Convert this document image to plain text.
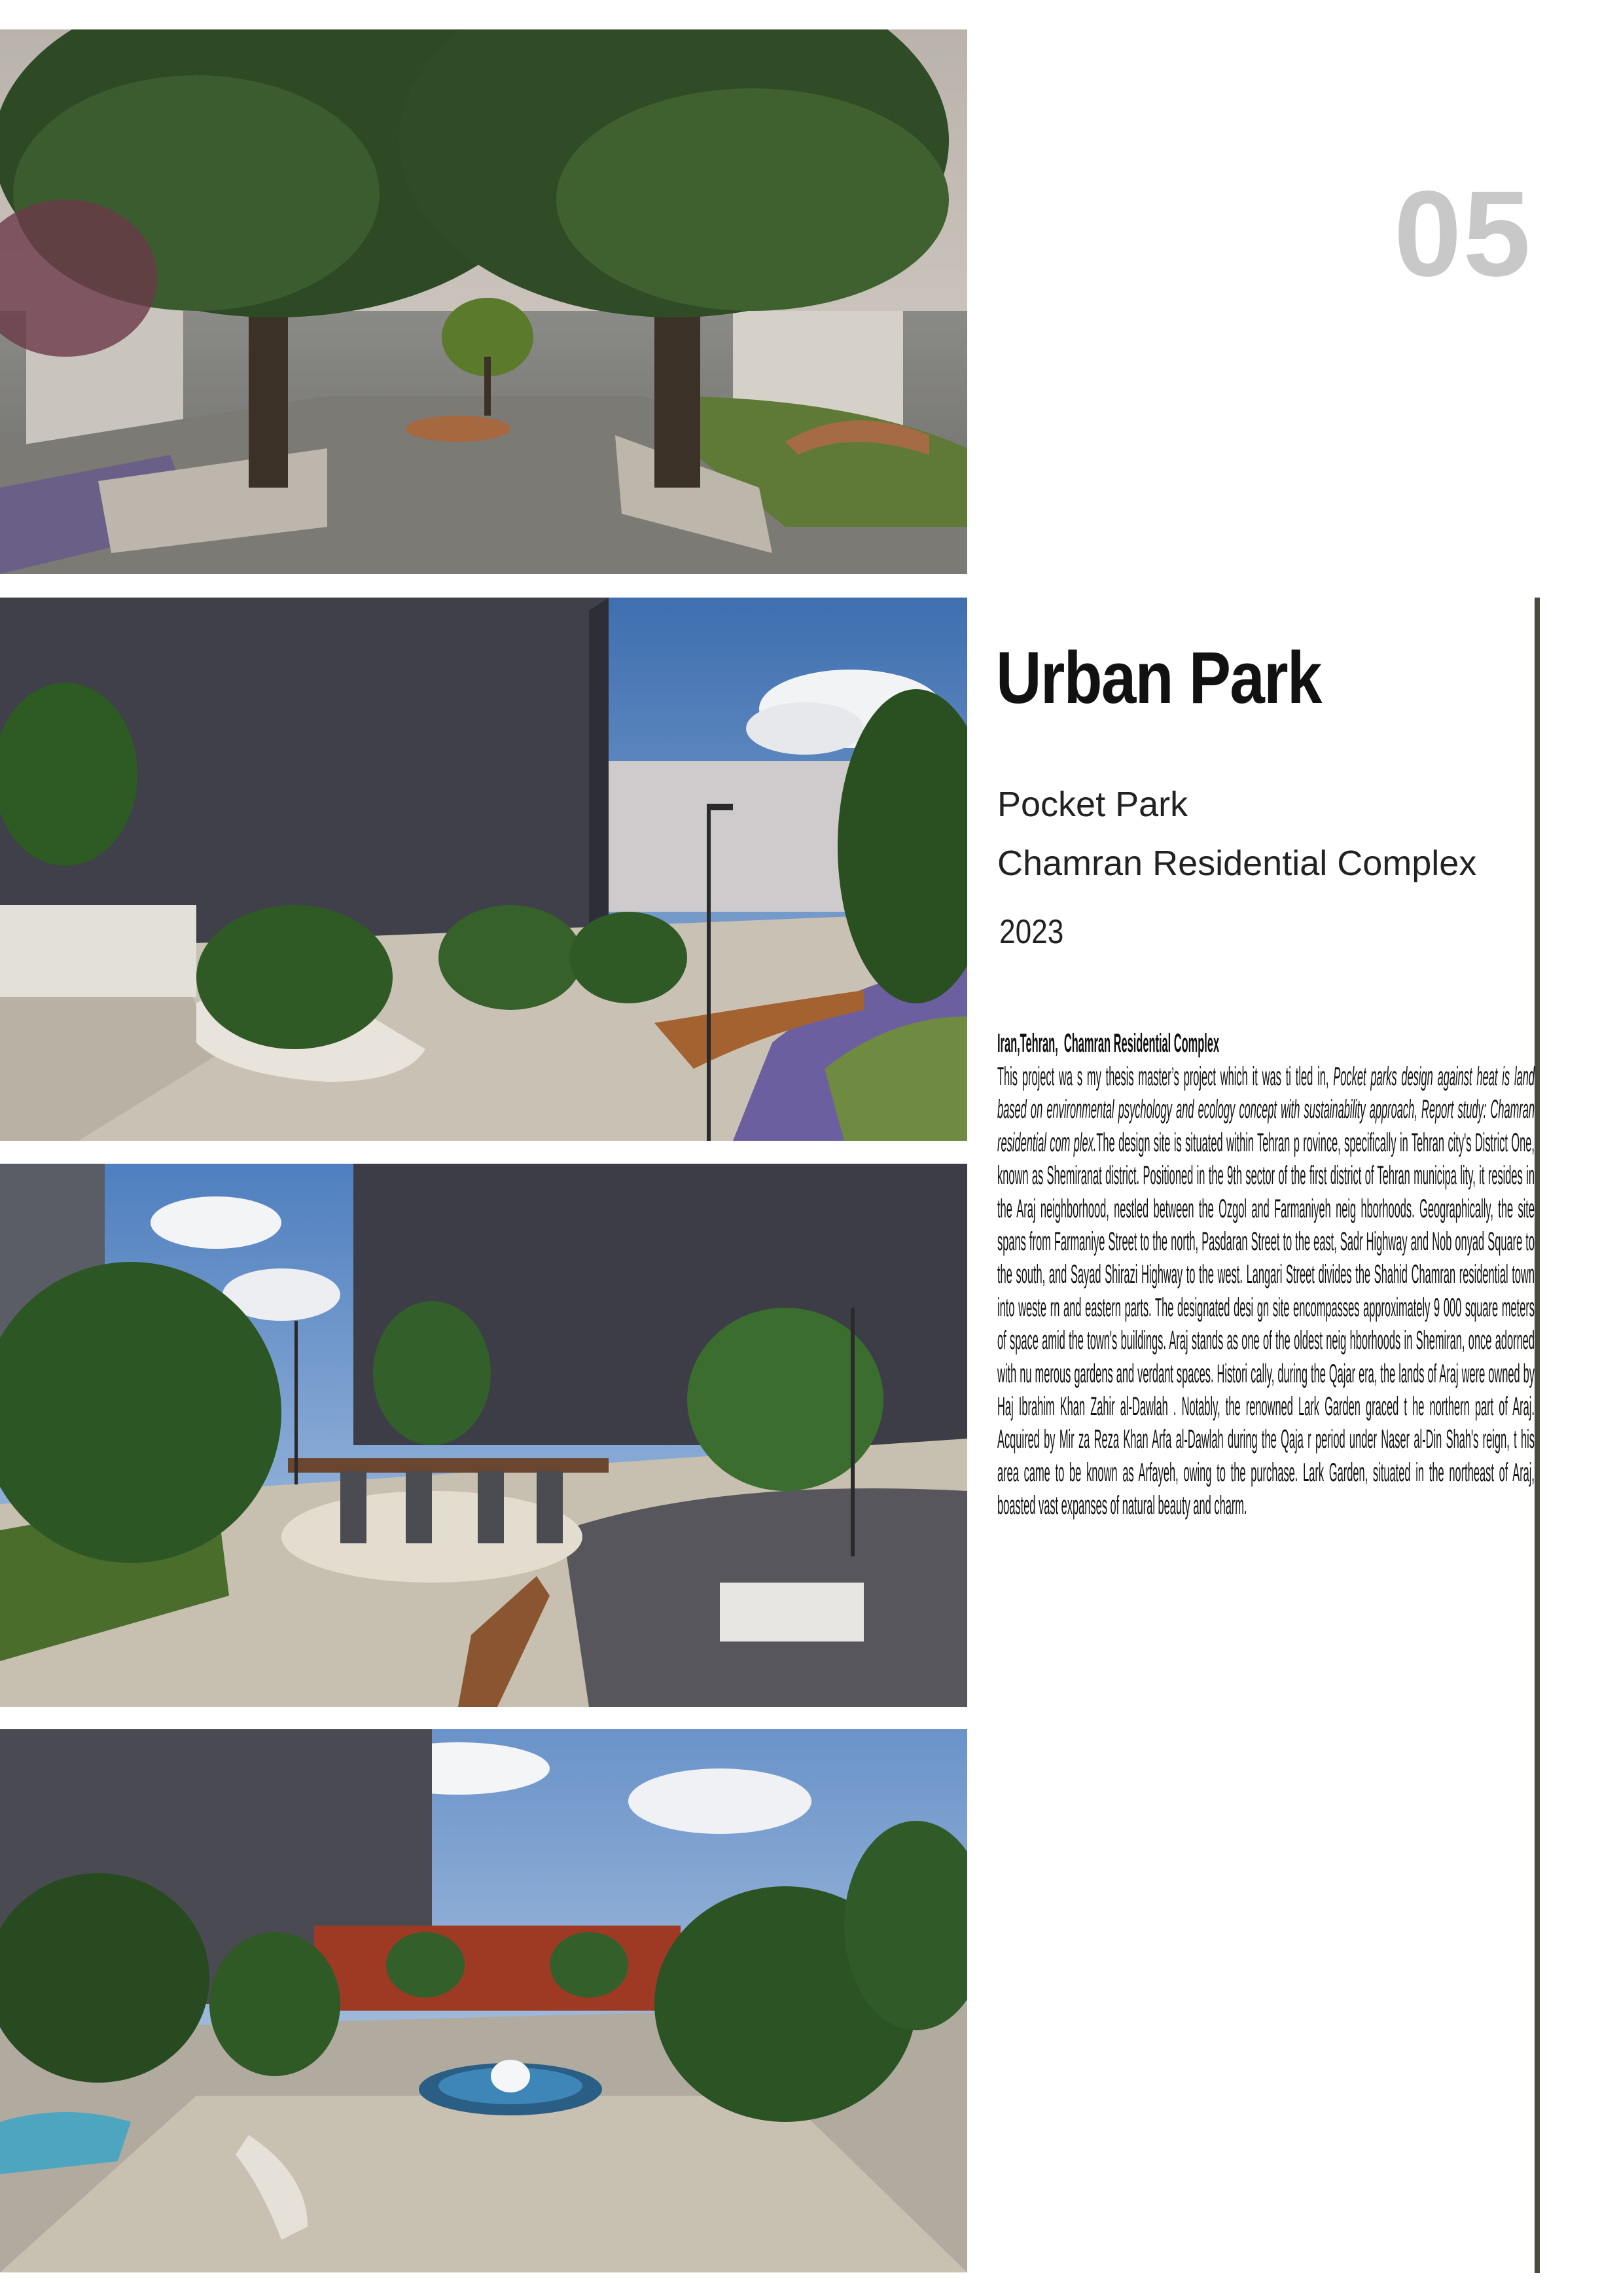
05
Urban Park
Pocket Park
Chamran Residential Complex
2023
Iran,Tehran,  Chamran Residential Complex

This project wa s my thesis master’s project which it was ti tled in, Pocket parks design against heat is land based on environmental psychology and ecology concept with sustainability approach, Report study: Chamran residential com plex.The design site is situated within Tehran p rovince, specifically in Tehran city's District One, known as Shemiranat district. Positioned in the 9th sector of the first district of Tehran municipa lity, it resides in the Araj neighborhood, nestled between the Ozgol and Farmaniyeh neig hborhoods. Geographically, the site spans from Farmaniye Street to the north, Pasdaran Street to the east, Sadr Highway and Nob onyad Square to the south, and Sayad Shirazi Highway to the west. Langari Street divides the Shahid Chamran residential town into weste rn and eastern parts. The designated desi gn site encompasses approximately 9 000 square meters of space amid the town's buildings. Araj stands as one of the oldest neig hborhoods in Shemiran, once adorned with nu merous gardens and verdant spaces. Histori cally, during the Qajar era, the lands of Araj were owned by Haj Ibrahim Khan Zahir al-Dawlah . Notably, the renowned Lark Garden graced t he northern part of Araj. Acquired by Mir za Reza Khan Arfa al-Dawlah during the Qaja r period under Naser al-Din Shah's reign, t his area came to be known as Arfayeh, owing to the purchase. Lark Garden, situated in the northeast of Araj, boasted vast expanses of natural beauty and charm.
